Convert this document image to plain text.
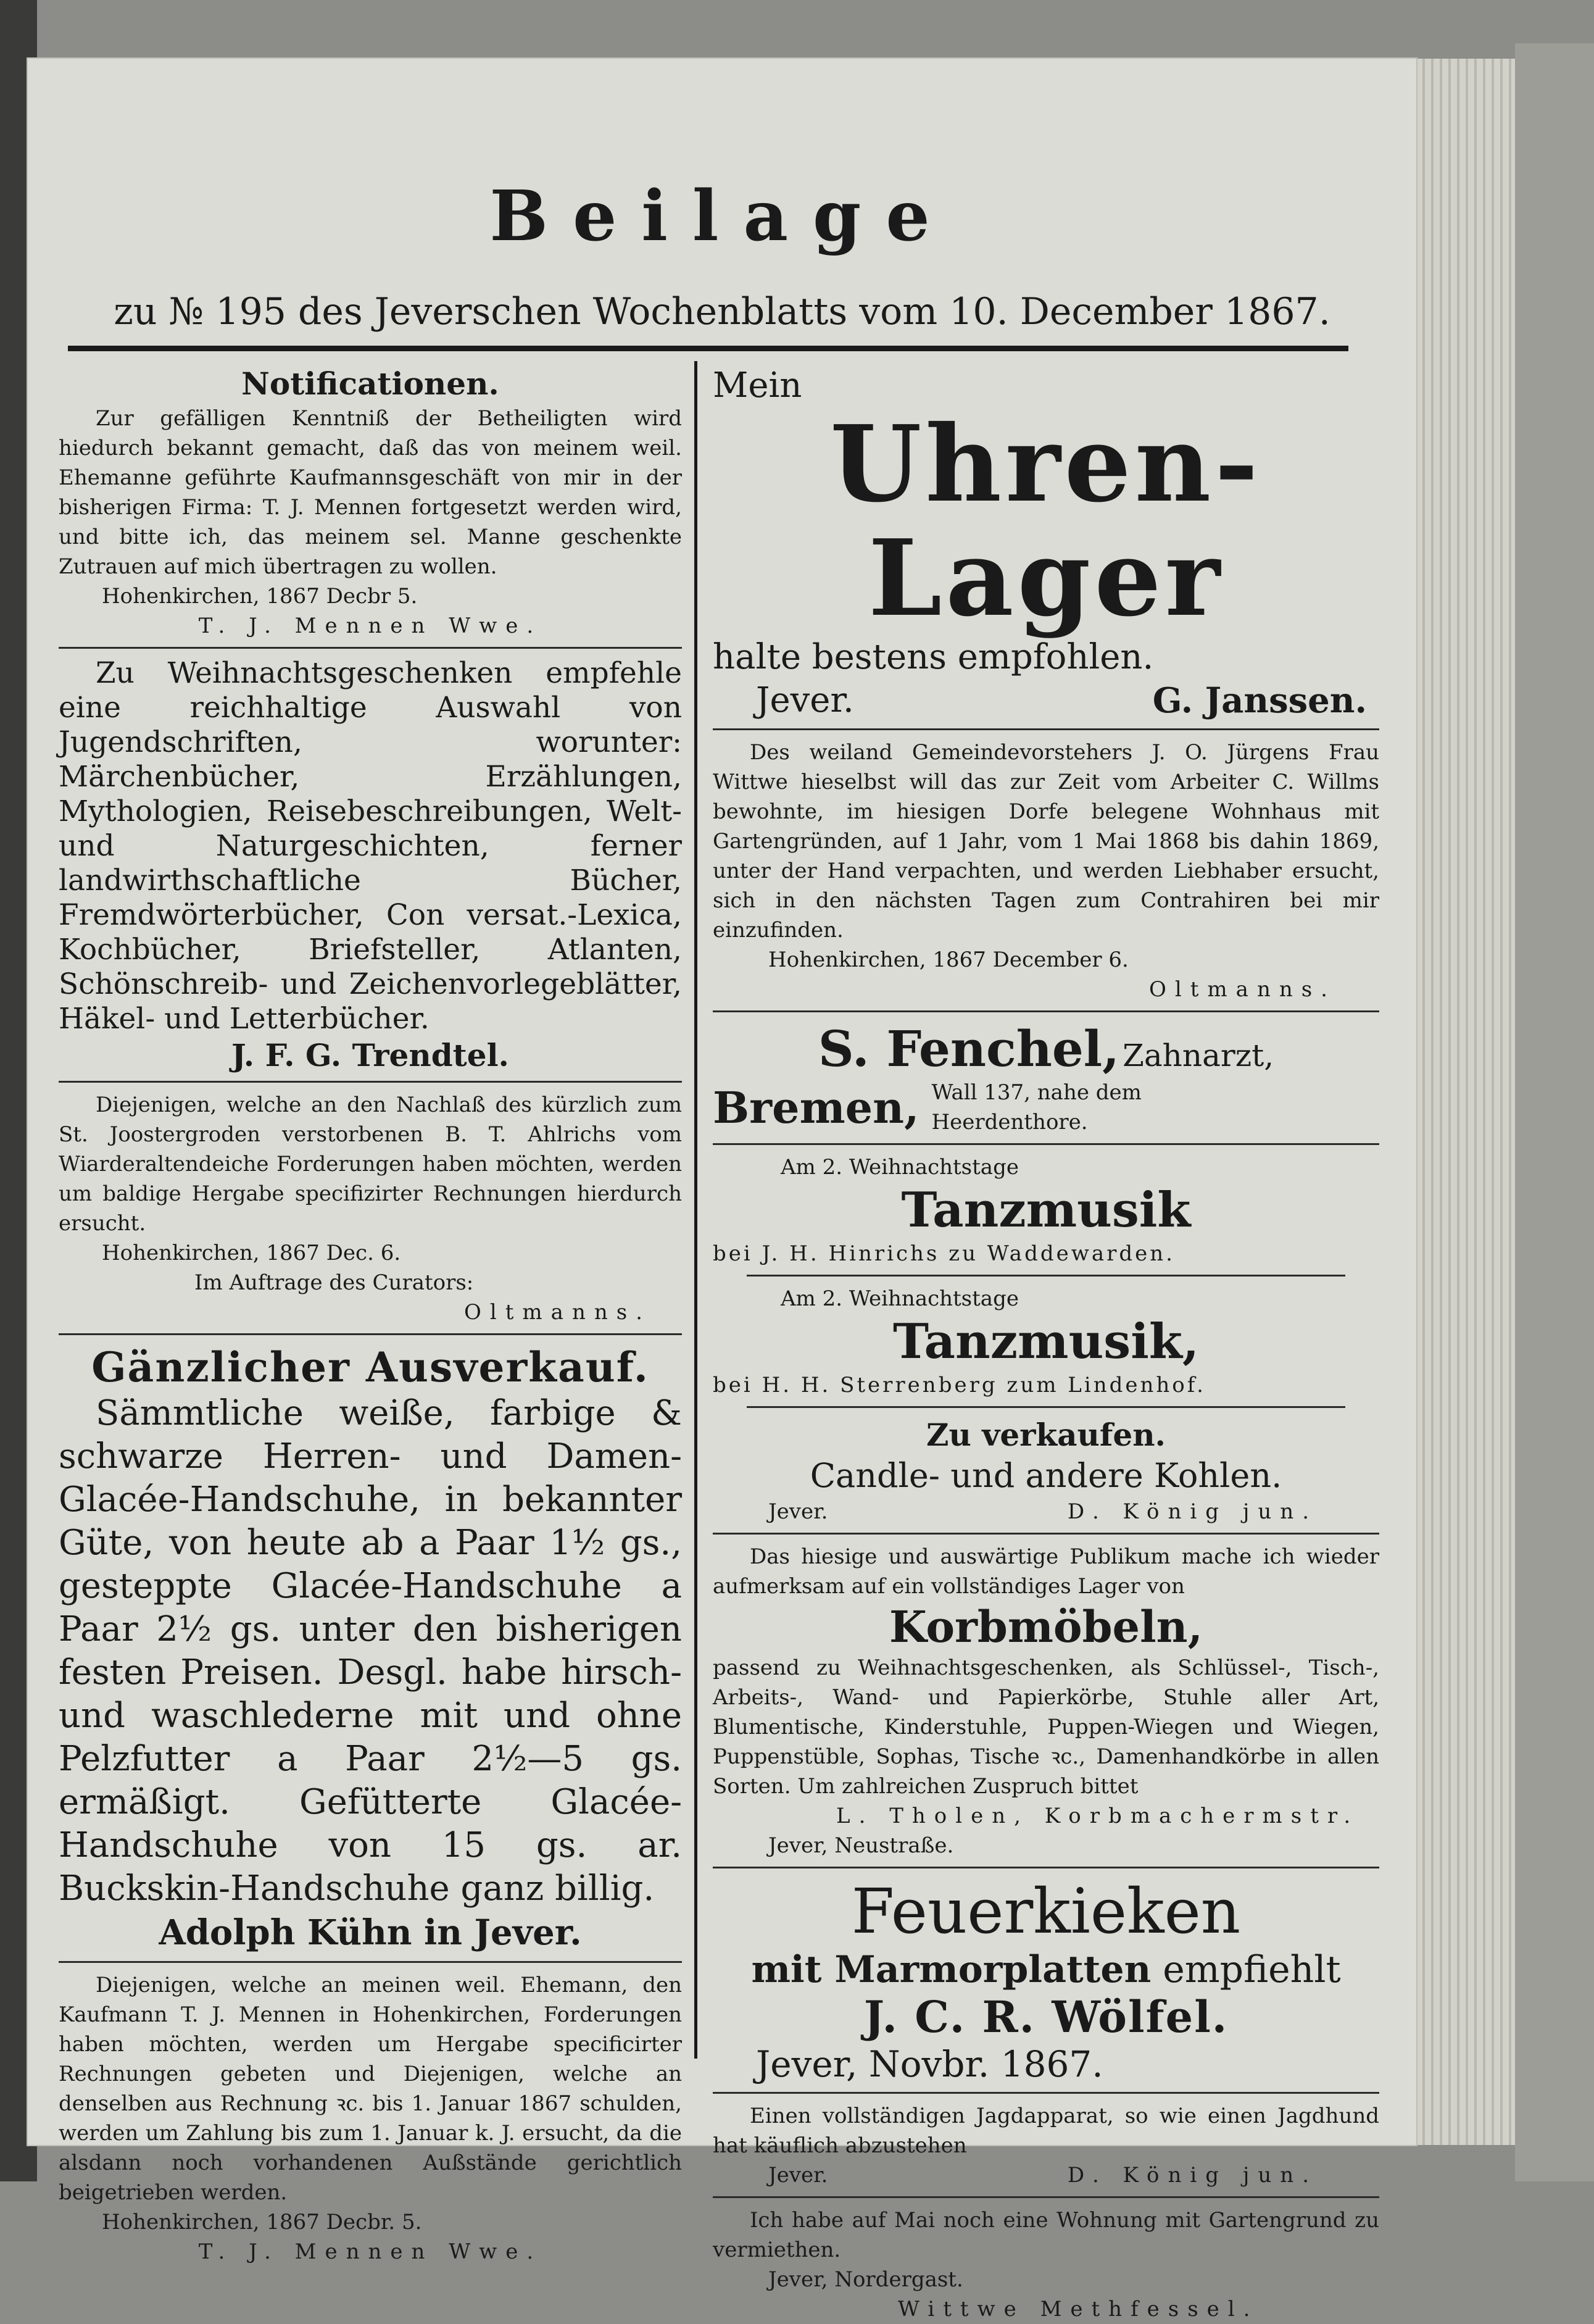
Beilage
zu № 195 des Jeverschen Wochenblatts vom 10. December 1867.
Notificationen.
Zur gefälligen Kenntniß der Betheiligten wird hiedurch bekannt gemacht, daß das von meinem weil. Ehemanne geführte Kaufmannsgeschäft von mir in der bisherigen Firma: T. J. Mennen fortgesetzt werden wird, und bitte ich, das meinem sel. Manne geschenkte Zutrauen auf mich übertragen zu wollen.
Hohenkirchen, 1867 Decbr 5.
T. J. Mennen Wwe.
Zu Weihnachtsgeschenken empfehle eine reichhaltige Auswahl von Jugendschriften, worunter: Märchenbücher, Erzählungen, Mythologien, Reisebeschreibungen, Welt- und Naturgeschichten, ferner landwirthschaftliche Bücher, Fremdwörterbücher, Con versat.-Lexica, Kochbücher, Briefsteller, Atlanten, Schönschreib- und Zeichenvorlegeblätter, Häkel- und Letterbücher.
J. F. G. Trendtel.
Diejenigen, welche an den Nachlaß des kürzlich zum St. Joostergroden verstorbenen B. T. Ahlrichs vom Wiarderaltendeiche Forderungen haben möchten, werden um baldige Hergabe specifizirter Rechnungen hierdurch ersucht.
Hohenkirchen, 1867 Dec. 6.
Im Auftrage des Curators:
Oltmanns.
Gänzlicher Ausverkauf.
Sämmtliche weiße, farbige & schwarze Herren- und Damen-Glacée-Handschuhe, in bekannter Güte, von heute ab a Paar 1½ gs., gesteppte Glacée-Handschuhe a Paar 2½ gs. unter den bisherigen festen Preisen. Desgl. habe hirsch- und waschlederne mit und ohne Pelzfutter a Paar 2½—5 gs. ermäßigt. Gefütterte Glacée-Handschuhe von 15 gs. ar. Buckskin-Handschuhe ganz billig.
Adolph Kühn in Jever.
Diejenigen, welche an meinen weil. Ehemann, den Kaufmann T. J. Mennen in Hohenkirchen, Forderungen haben möchten, werden um Hergabe specificirter Rechnungen gebeten und Diejenigen, welche an denselben aus Rechnung ꝛc. bis 1. Januar 1867 schulden, werden um Zahlung bis zum 1. Januar k. J. ersucht, da die alsdann noch vorhandenen Außstände gerichtlich beigetrieben werden.
Hohenkirchen, 1867 Decbr. 5.
T. J. Mennen Wwe.
Mein
Uhren-Lager
halte bestens empfohlen.
Jever.	G. Janssen.
Des weiland Gemeindevorstehers J. O. Jürgens Frau Wittwe hieselbst will das zur Zeit vom Arbeiter C. Willms bewohnte, im hiesigen Dorfe belegene Wohnhaus mit Gartengründen, auf 1 Jahr, vom 1 Mai 1868 bis dahin 1869, unter der Hand verpachten, und werden Liebhaber ersucht, sich in den nächsten Tagen zum Contrahiren bei mir einzufinden.
Hohenkirchen, 1867 December 6.
Oltmanns.
S. Fenchel, Zahnarzt,
Bremen, Wall 137, nahe dem Heerdenthore.
Am 2. Weihnachtstage
Tanzmusik
bei J. H. Hinrichs zu Waddewarden.
Am 2. Weihnachtstage
Tanzmusik,
bei H. H. Sterrenberg zum Lindenhof.
Zu verkaufen.
Candle- und andere Kohlen.
Jever.	D. König jun.
Das hiesige und auswärtige Publikum mache ich wieder aufmerksam auf ein vollständiges Lager von
Korbmöbeln,
passend zu Weihnachtsgeschenken, als Schlüssel-, Tisch-, Arbeits-, Wand- und Papierkörbe, Stuhle aller Art, Blumentische, Kinderstuhle, Puppen-Wiegen und Wiegen, Puppenstüble, Sophas, Tische ꝛc., Damenhandkörbe in allen Sorten. Um zahlreichen Zuspruch bittet
L. Tholen, Korbmachermstr.
Jever, Neustraße.
Feuerkieken
mit Marmorplatten empfiehlt
J. C. R. Wölfel.
Jever, Novbr. 1867.
Einen vollständigen Jagdapparat, so wie einen Jagdhund hat käuflich abzustehen
Jever.	D. König jun.
Ich habe auf Mai noch eine Wohnung mit Gartengrund zu vermiethen.
Jever, Nordergast.
Wittwe Methfessel.
